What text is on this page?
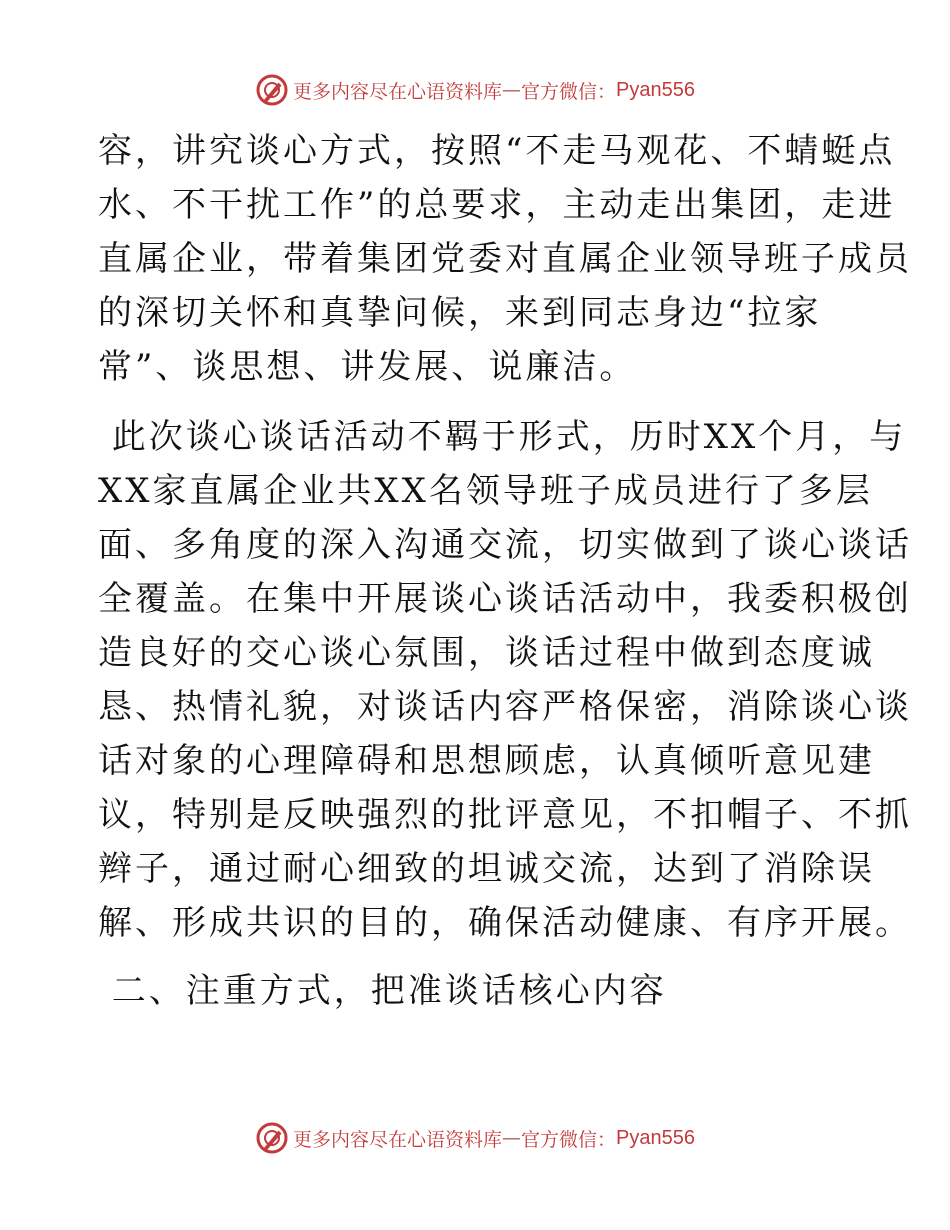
更多内容尽在心语资料库 — 官方微信： Pyan556

容，讲究谈心方式，按照“不走马观花、不蜻蜓点

水、不干扰工作”的总要求，主动走出集团，走进

直属企业，带着集团党委对直属企业领导班子成员

的深切关怀和真挚问候，来到同志身边“拉家

常”、谈思想、讲发展、说廉洁。

此次谈心谈话活动不羁于形式，历时XX个月，与

XX家直属企业共XX名领导班子成员进行了多层

面、多角度的深入沟通交流，切实做到了谈心谈话

全覆盖。在集中开展谈心谈话活动中，我委积极创

造良好的交心谈心氛围，谈话过程中做到态度诚

恳、热情礼貌，对谈话内容严格保密，消除谈心谈

话对象的心理障碍和思想顾虑，认真倾听意见建

议，特别是反映强烈的批评意见，不扣帽子、不抓

辫子，通过耐心细致的坦诚交流，达到了消除误

解、形成共识的目的，确保活动健康、有序开展。

二、注重方式，把准谈话核心内容

更多内容尽在心语资料库 — 官方微信： Pyan556
